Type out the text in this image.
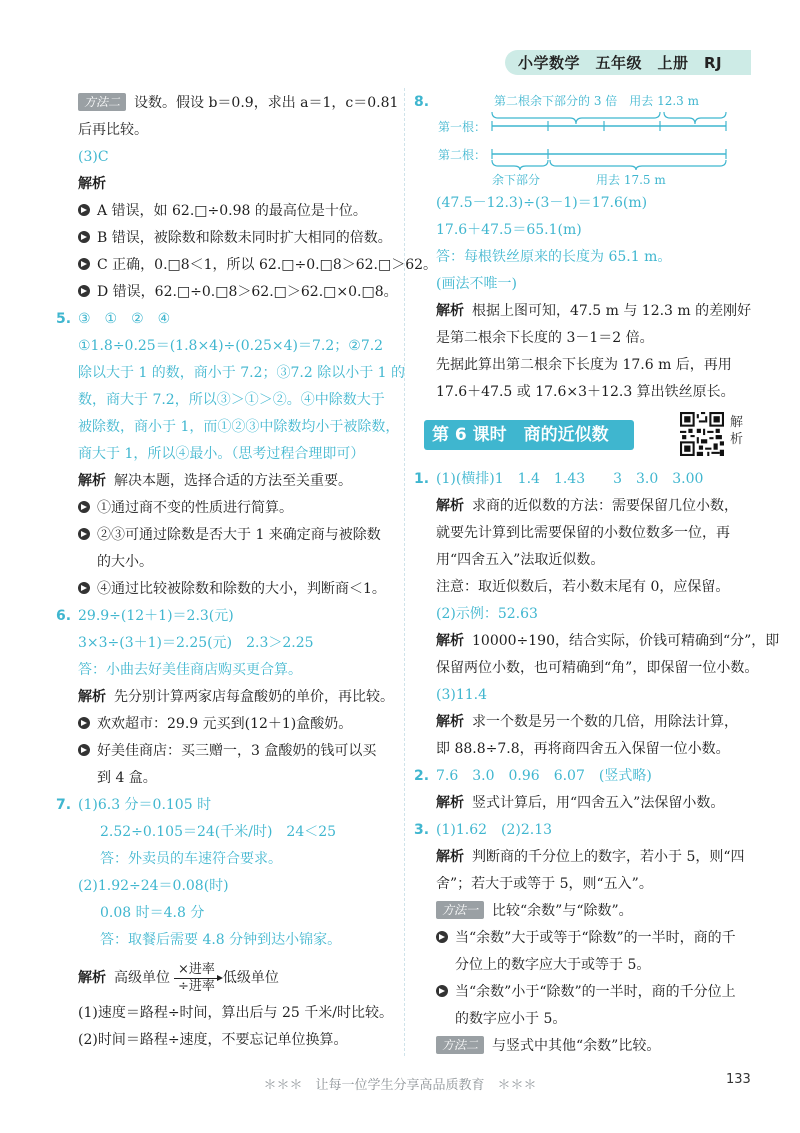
小学数学　五年级　上册　RJ
方法二 设数。假设 b＝0.9，求出 a＝1，c＝0.81
后再比较。
(3)C
解析
A 错误，如 62.□÷0.98 的最高位是十位。
B 错误，被除数和除数未同时扩大相同的倍数。
C 正确，0.□8＜1，所以 62.□÷0.□8＞62.□＞62。
D 错误，62.□÷0.□8＞62.□＞62.□×0.□8。
5. ③　①　②　④
①1.8÷0.25＝(1.8×4)÷(0.25×4)＝7.2；②7.2
除以大于 1 的数，商小于 7.2；③7.2 除以小于 1 的
数，商大于 7.2，所以③＞①＞②。④中除数大于
被除数，商小于 1，而①②③中除数均小于被除数，
商大于 1，所以④最小。（思考过程合理即可）
解析 解决本题，选择合适的方法至关重要。
①通过商不变的性质进行简算。
②③可通过除数是否大于 1 来确定商与被除数
的大小。
④通过比较被除数和除数的大小，判断商＜1。
6. 29.9÷(12＋1)＝2.3(元)
3×3÷(3＋1)＝2.25(元)　2.3＞2.25
答：小曲去好美佳商店购买更合算。
解析 先分别计算两家店每盒酸奶的单价，再比较。
欢欢超市：29.9 元买到(12＋1)盒酸奶。
好美佳商店：买三赠一，3 盒酸奶的钱可以买
到 4 盒。
7. (1)6.3 分＝0.105 时
2.52÷0.105＝24(千米/时)　24＜25
答：外卖员的车速符合要求。
(2)1.92÷24＝0.08(时)
0.08 时＝4.8 分
答：取餐后需要 4.8 分钟到达小锦家。
解析 高级单位 $\frac{\text{×进率}}{\text{÷进率}}$ 低级单位
(1)速度＝路程÷时间，算出后与 25 千米/时比较。
(2)时间＝路程÷速度，不要忘记单位换算。
8.	第二根余下部分的 3 倍　用去 12.3 m
第一根：
第二根：
余下部分	用去 17.5 m
(47.5－12.3)÷(3－1)＝17.6(m)
17.6＋47.5＝65.1(m)
答：每根铁丝原来的长度为 65.1 m。
(画法不唯一)
解析 根据上图可知，47.5 m 与 12.3 m 的差刚好
是第二根余下长度的 3－1＝2 倍。
先据此算出第二根余下长度为 17.6 m 后，再用
17.6＋47.5 或 17.6×3＋12.3 算出铁丝原长。
第 6 课时　商的近似数
解析
1. (1)(横排)1　1.4　1.43　　3　3.0　3.00
解析 求商的近似数的方法：需要保留几位小数，
就要先计算到比需要保留的小数位数多一位，再
用“四舍五入”法取近似数。
注意：取近似数后，若小数末尾有 0，应保留。
(2)示例：52.63
解析 10000÷190，结合实际，价钱可精确到“分”，即
保留两位小数，也可精确到“角”，即保留一位小数。
(3)11.4
解析 求一个数是另一个数的几倍，用除法计算，
即 88.8÷7.8，再将商四舍五入保留一位小数。
2. 7.6　3.0　0.96　6.07　(竖式略)
解析 竖式计算后，用“四舍五入”法保留小数。
3. (1)1.62　(2)2.13
解析 判断商的千分位上的数字，若小于 5，则“四
舍”；若大于或等于 5，则“五入”。
方法一 比较“余数”与“除数”。
当“余数”大于或等于“除数”的一半时，商的千
分位上的数字应大于或等于 5。
当“余数”小于“除数”的一半时，商的千分位上
的数字应小于 5。
方法二 与竖式中其他“余数”比较。
＊＊＊　让每一位学生分享高品质教育　＊＊＊	133
